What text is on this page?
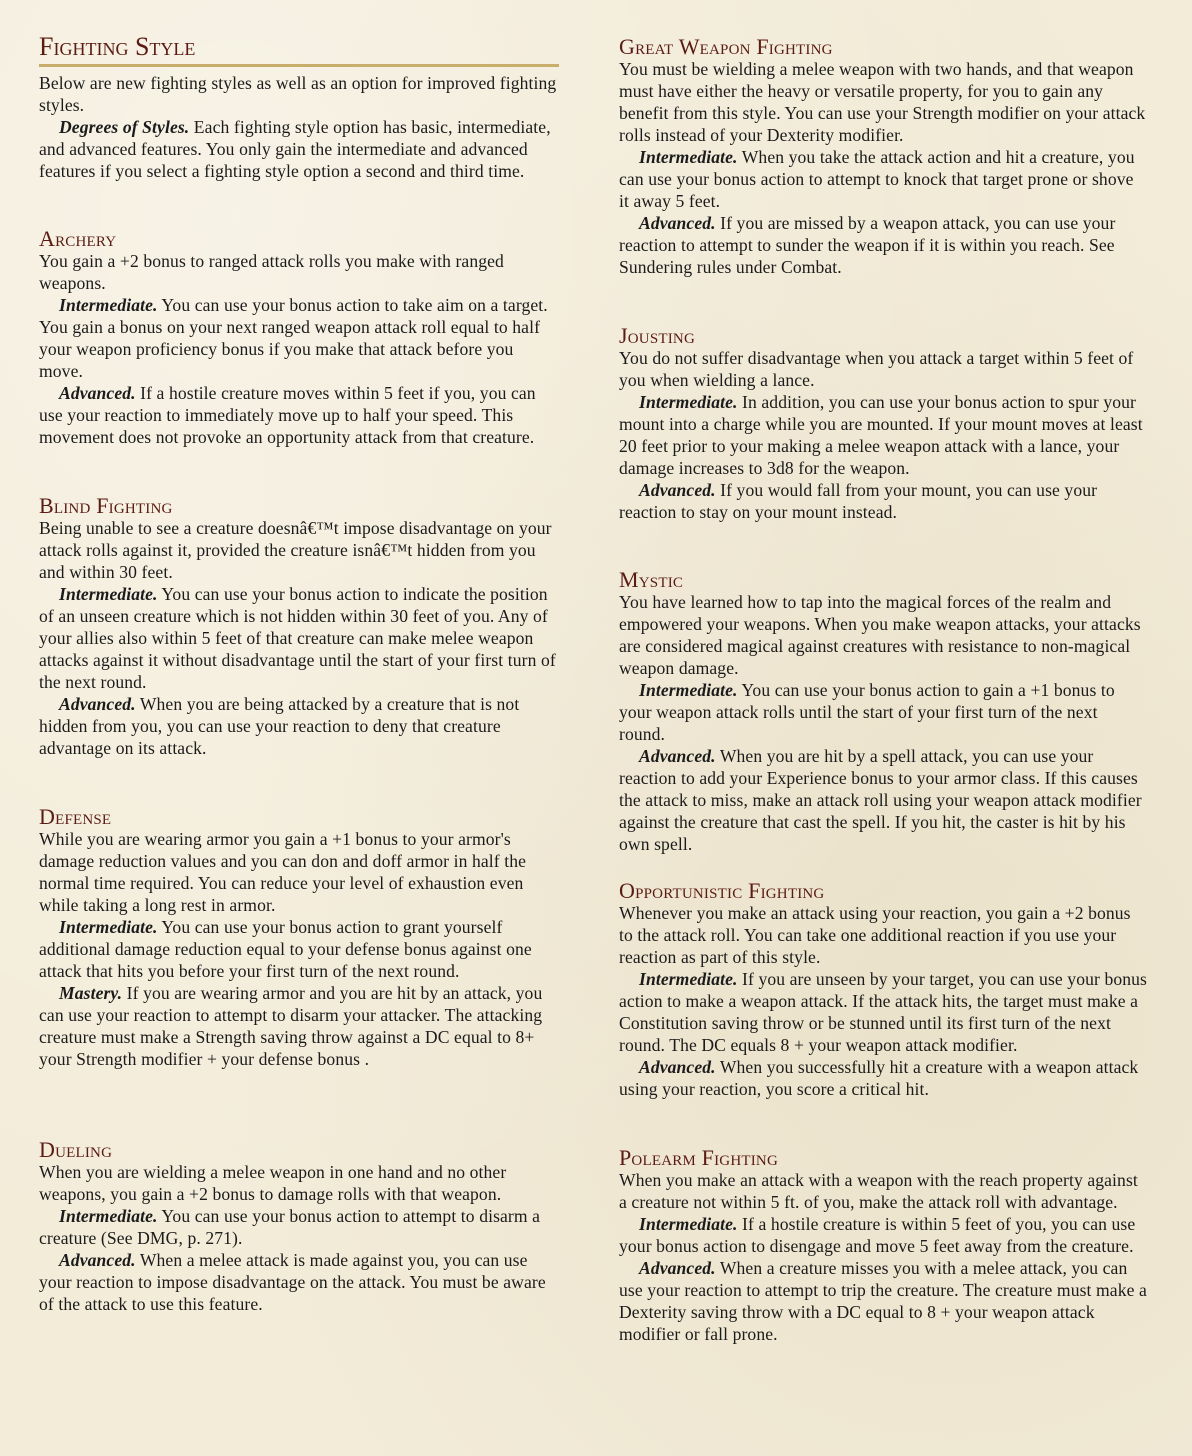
Fighting Style

Below are new fighting styles as well as an option for improved fighting styles.

Degrees of Styles. Each fighting style option has basic, intermediate, and advanced features. You only gain the intermediate and advanced features if you select a fighting style option a second and third time.

Archery

You gain a +2 bonus to ranged attack rolls you make with ranged weapons.

Intermediate. You can use your bonus action to take aim on a target. You gain a bonus on your next ranged weapon attack roll equal to half your weapon proficiency bonus if you make that attack before you move.

Advanced. If a hostile creature moves within 5 feet if you, you can use your reaction to immediately move up to half your speed. This movement does not provoke an opportunity attack from that creature.

Blind Fighting

Being unable to see a creature doesnâ€™t impose disadvantage on your attack rolls against it, provided the creature isnâ€™t hidden from you and within 30 feet.

Intermediate. You can use your bonus action to indicate the position of an unseen creature which is not hidden within 30 feet of you. Any of your allies also within 5 feet of that creature can make melee weapon attacks against it without disadvantage until the start of your first turn of the next round.

Advanced. When you are being attacked by a creature that is not hidden from you, you can use your reaction to deny that creature advantage on its attack.

Defense

While you are wearing armor you gain a +1 bonus to your armor's damage reduction values and you can don and doff armor in half the normal time required. You can reduce your level of exhaustion even while taking a long rest in armor.

Intermediate. You can use your bonus action to grant yourself additional damage reduction equal to your defense bonus against one attack that hits you before your first turn of the next round.

Mastery. If you are wearing armor and you are hit by an attack, you can use your reaction to attempt to disarm your attacker. The attacking creature must make a Strength saving throw against a DC equal to 8+ your Strength modifier + your defense bonus .

Dueling

When you are wielding a melee weapon in one hand and no other weapons, you gain a +2 bonus to damage rolls with that weapon.

Intermediate. You can use your bonus action to attempt to disarm a creature (See DMG, p. 271).

Advanced. When a melee attack is made against you, you can use your reaction to impose disadvantage on the attack. You must be aware of the attack to use this feature.

Great Weapon Fighting

You must be wielding a melee weapon with two hands, and that weapon must have either the heavy or versatile property, for you to gain any benefit from this style. You can use your Strength modifier on your attack rolls instead of your Dexterity modifier.

Intermediate. When you take the attack action and hit a creature, you can use your bonus action to attempt to knock that target prone or shove it away 5 feet.

Advanced. If you are missed by a weapon attack, you can use your reaction to attempt to sunder the weapon if it is within you reach. See Sundering rules under Combat.

Jousting

You do not suffer disadvantage when you attack a target within 5 feet of you when wielding a lance.

Intermediate. In addition, you can use your bonus action to spur your mount into a charge while you are mounted. If your mount moves at least 20 feet prior to your making a melee weapon attack with a lance, your damage increases to 3d8 for the weapon.

Advanced. If you would fall from your mount, you can use your reaction to stay on your mount instead.

Mystic

You have learned how to tap into the magical forces of the realm and empowered your weapons. When you make weapon attacks, your attacks are considered magical against creatures with resistance to non-magical weapon damage.

Intermediate. You can use your bonus action to gain a +1 bonus to your weapon attack rolls until the start of your first turn of the next round.

Advanced. When you are hit by a spell attack, you can use your reaction to add your Experience bonus to your armor class. If this causes the attack to miss, make an attack roll using your weapon attack modifier against the creature that cast the spell. If you hit, the caster is hit by his own spell.

Opportunistic Fighting

Whenever you make an attack using your reaction, you gain a +2 bonus to the attack roll. You can take one additional reaction if you use your reaction as part of this style.

Intermediate. If you are unseen by your target, you can use your bonus action to make a weapon attack. If the attack hits, the target must make a Constitution saving throw or be stunned until its first turn of the next round. The DC equals 8 + your weapon attack modifier.

Advanced. When you successfully hit a creature with a weapon attack using your reaction, you score a critical hit.

Polearm Fighting

When you make an attack with a weapon with the reach property against a creature not within 5 ft. of you, make the attack roll with advantage.

Intermediate. If a hostile creature is within 5 feet of you, you can use your bonus action to disengage and move 5 feet away from the creature.

Advanced. When a creature misses you with a melee attack, you can use your reaction to attempt to trip the creature. The creature must make a Dexterity saving throw with a DC equal to 8 + your weapon attack modifier or fall prone.
